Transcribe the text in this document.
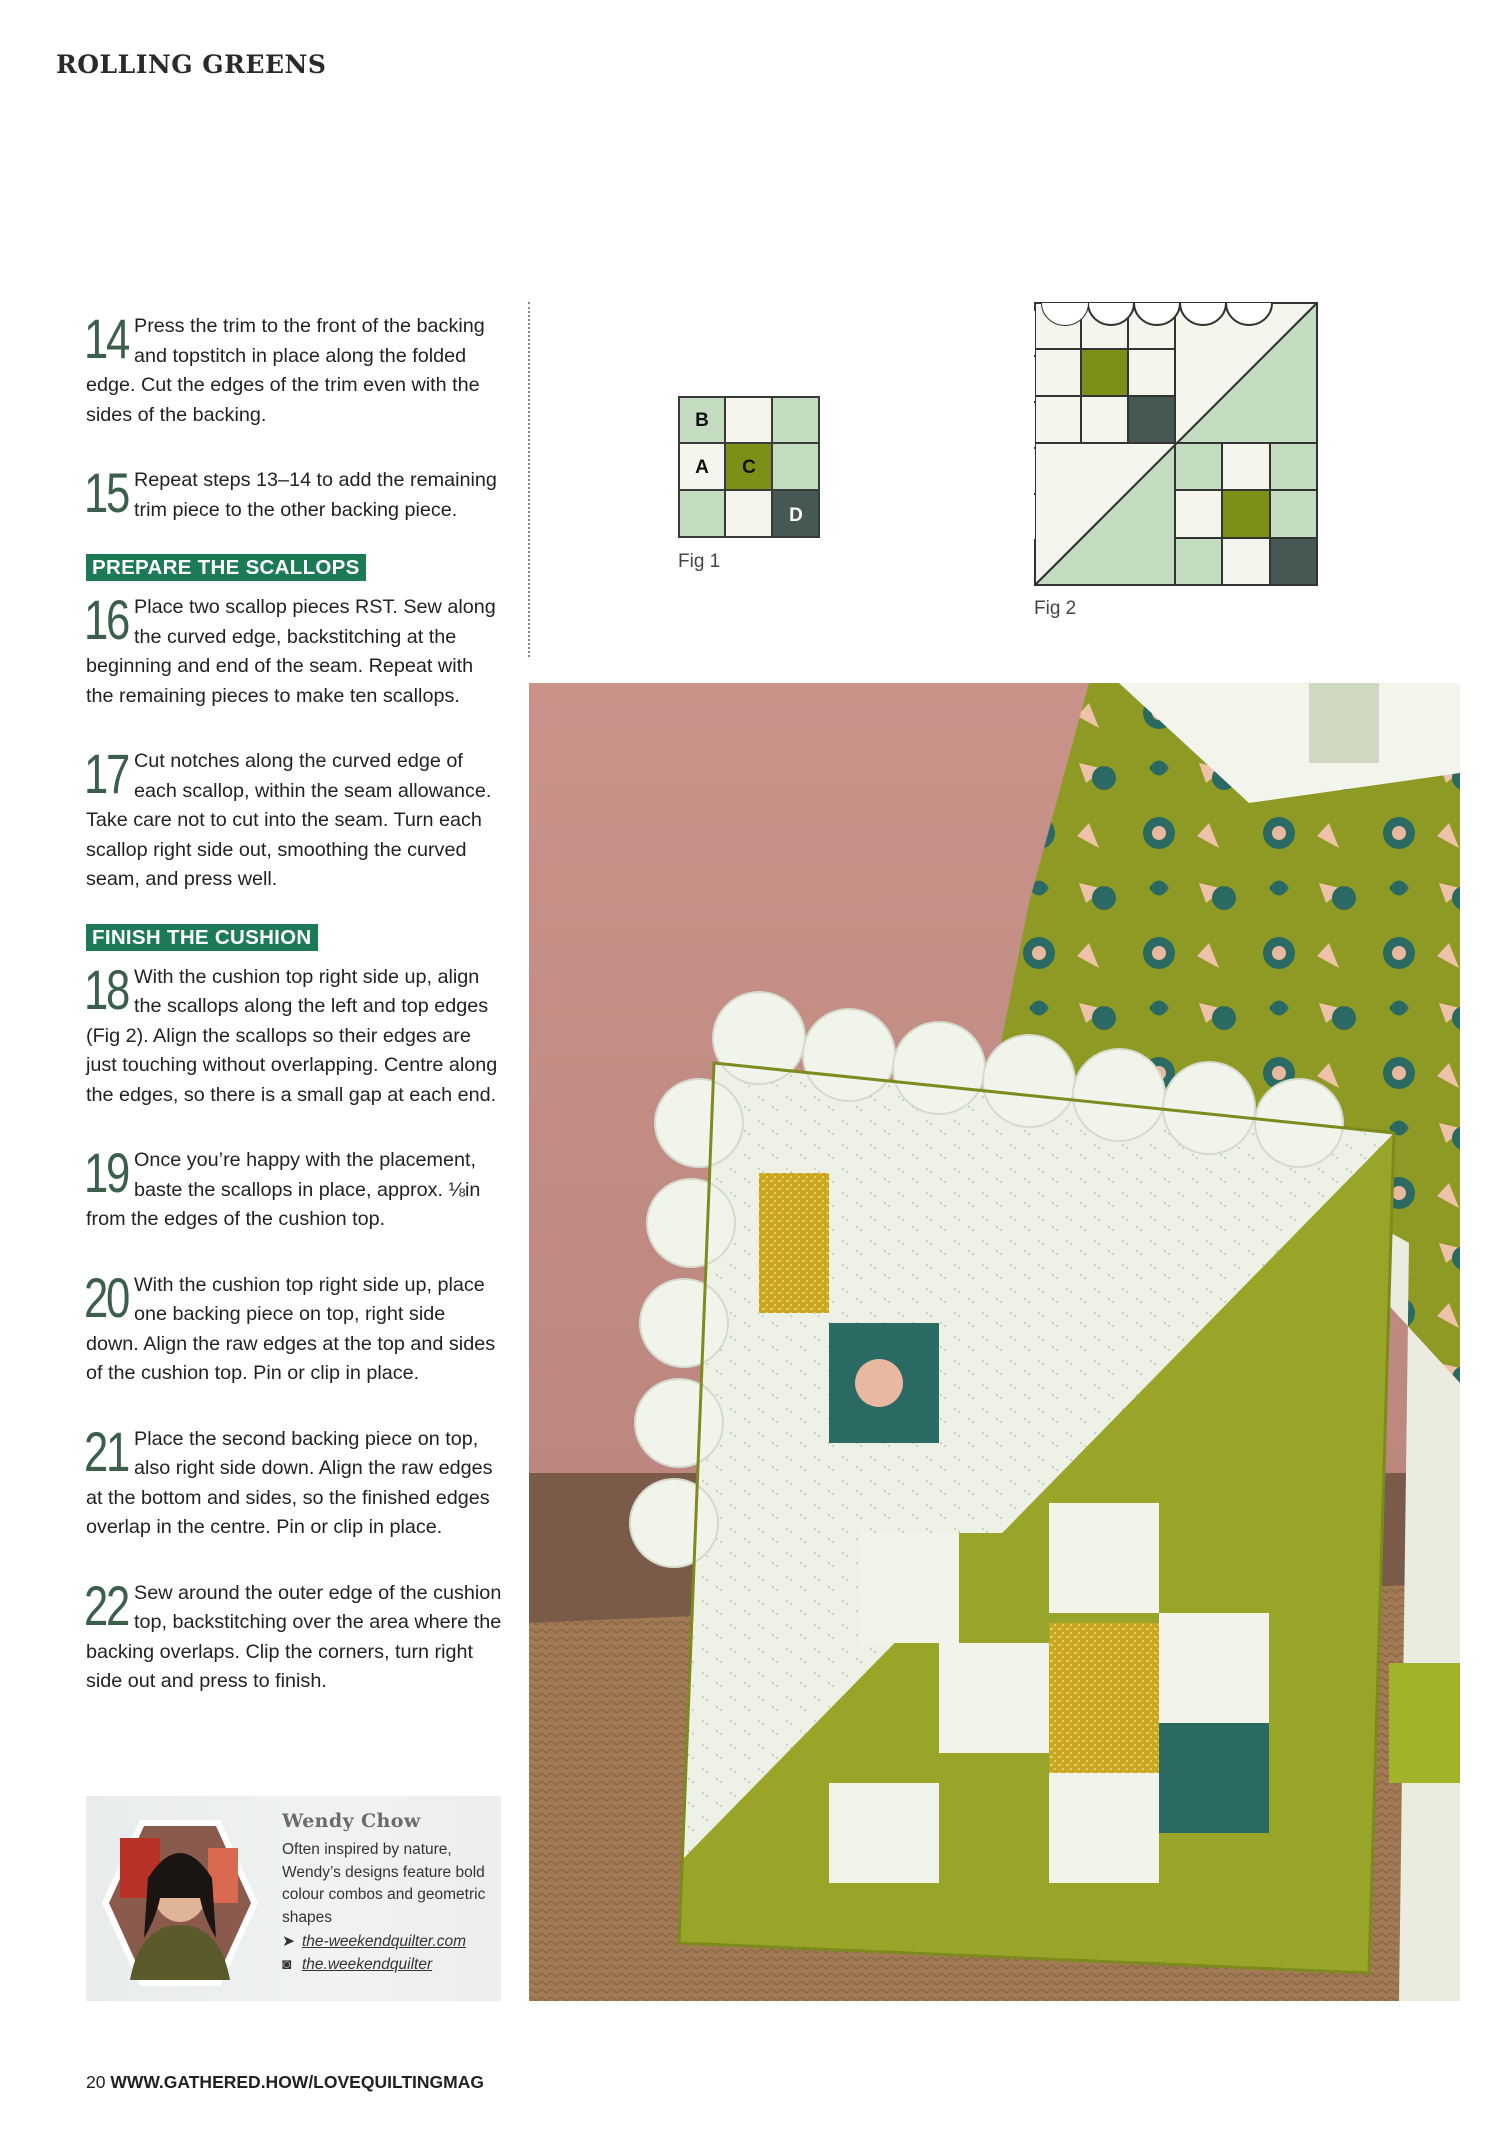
ROLLING GREENS
14 Press the trim to the front of the backing and topstitch in place along the folded edge. Cut the edges of the trim even with the sides of the backing.
15 Repeat steps 13–14 to add the remaining trim piece to the other backing piece.
PREPARE THE SCALLOPS
16 Place two scallop pieces RST. Sew along the curved edge, backstitching at the beginning and end of the seam. Repeat with the remaining pieces to make ten scallops.
17 Cut notches along the curved edge of each scallop, within the seam allowance. Take care not to cut into the seam. Turn each scallop right side out, smoothing the curved seam, and press well.
FINISH THE CUSHION
18 With the cushion top right side up, align the scallops along the left and top edges (Fig 2). Align the scallops so their edges are just touching without overlapping. Centre along the edges, so there is a small gap at each end.
19 Once you’re happy with the placement, baste the scallops in place, approx. ⅛in from the edges of the cushion top.
20 With the cushion top right side up, place one backing piece on top, right side down. Align the raw edges at the top and sides of the cushion top. Pin or clip in place.
21 Place the second backing piece on top, also right side down. Align the raw edges at the bottom and sides, so the finished edges overlap in the centre. Pin or clip in place.
22 Sew around the outer edge of the cushion top, backstitching over the area where the backing overlaps. Clip the corners, turn right side out and press to finish.
B
A C
D
Fig 1
Fig 2
Wendy Chow
Often inspired by nature, Wendy’s designs feature bold colour combos and geometric shapes
➤ the-weekendquilter.com
◙ the.weekendquilter
20 WWW.GATHERED.HOW/LOVEQUILTINGMAG
